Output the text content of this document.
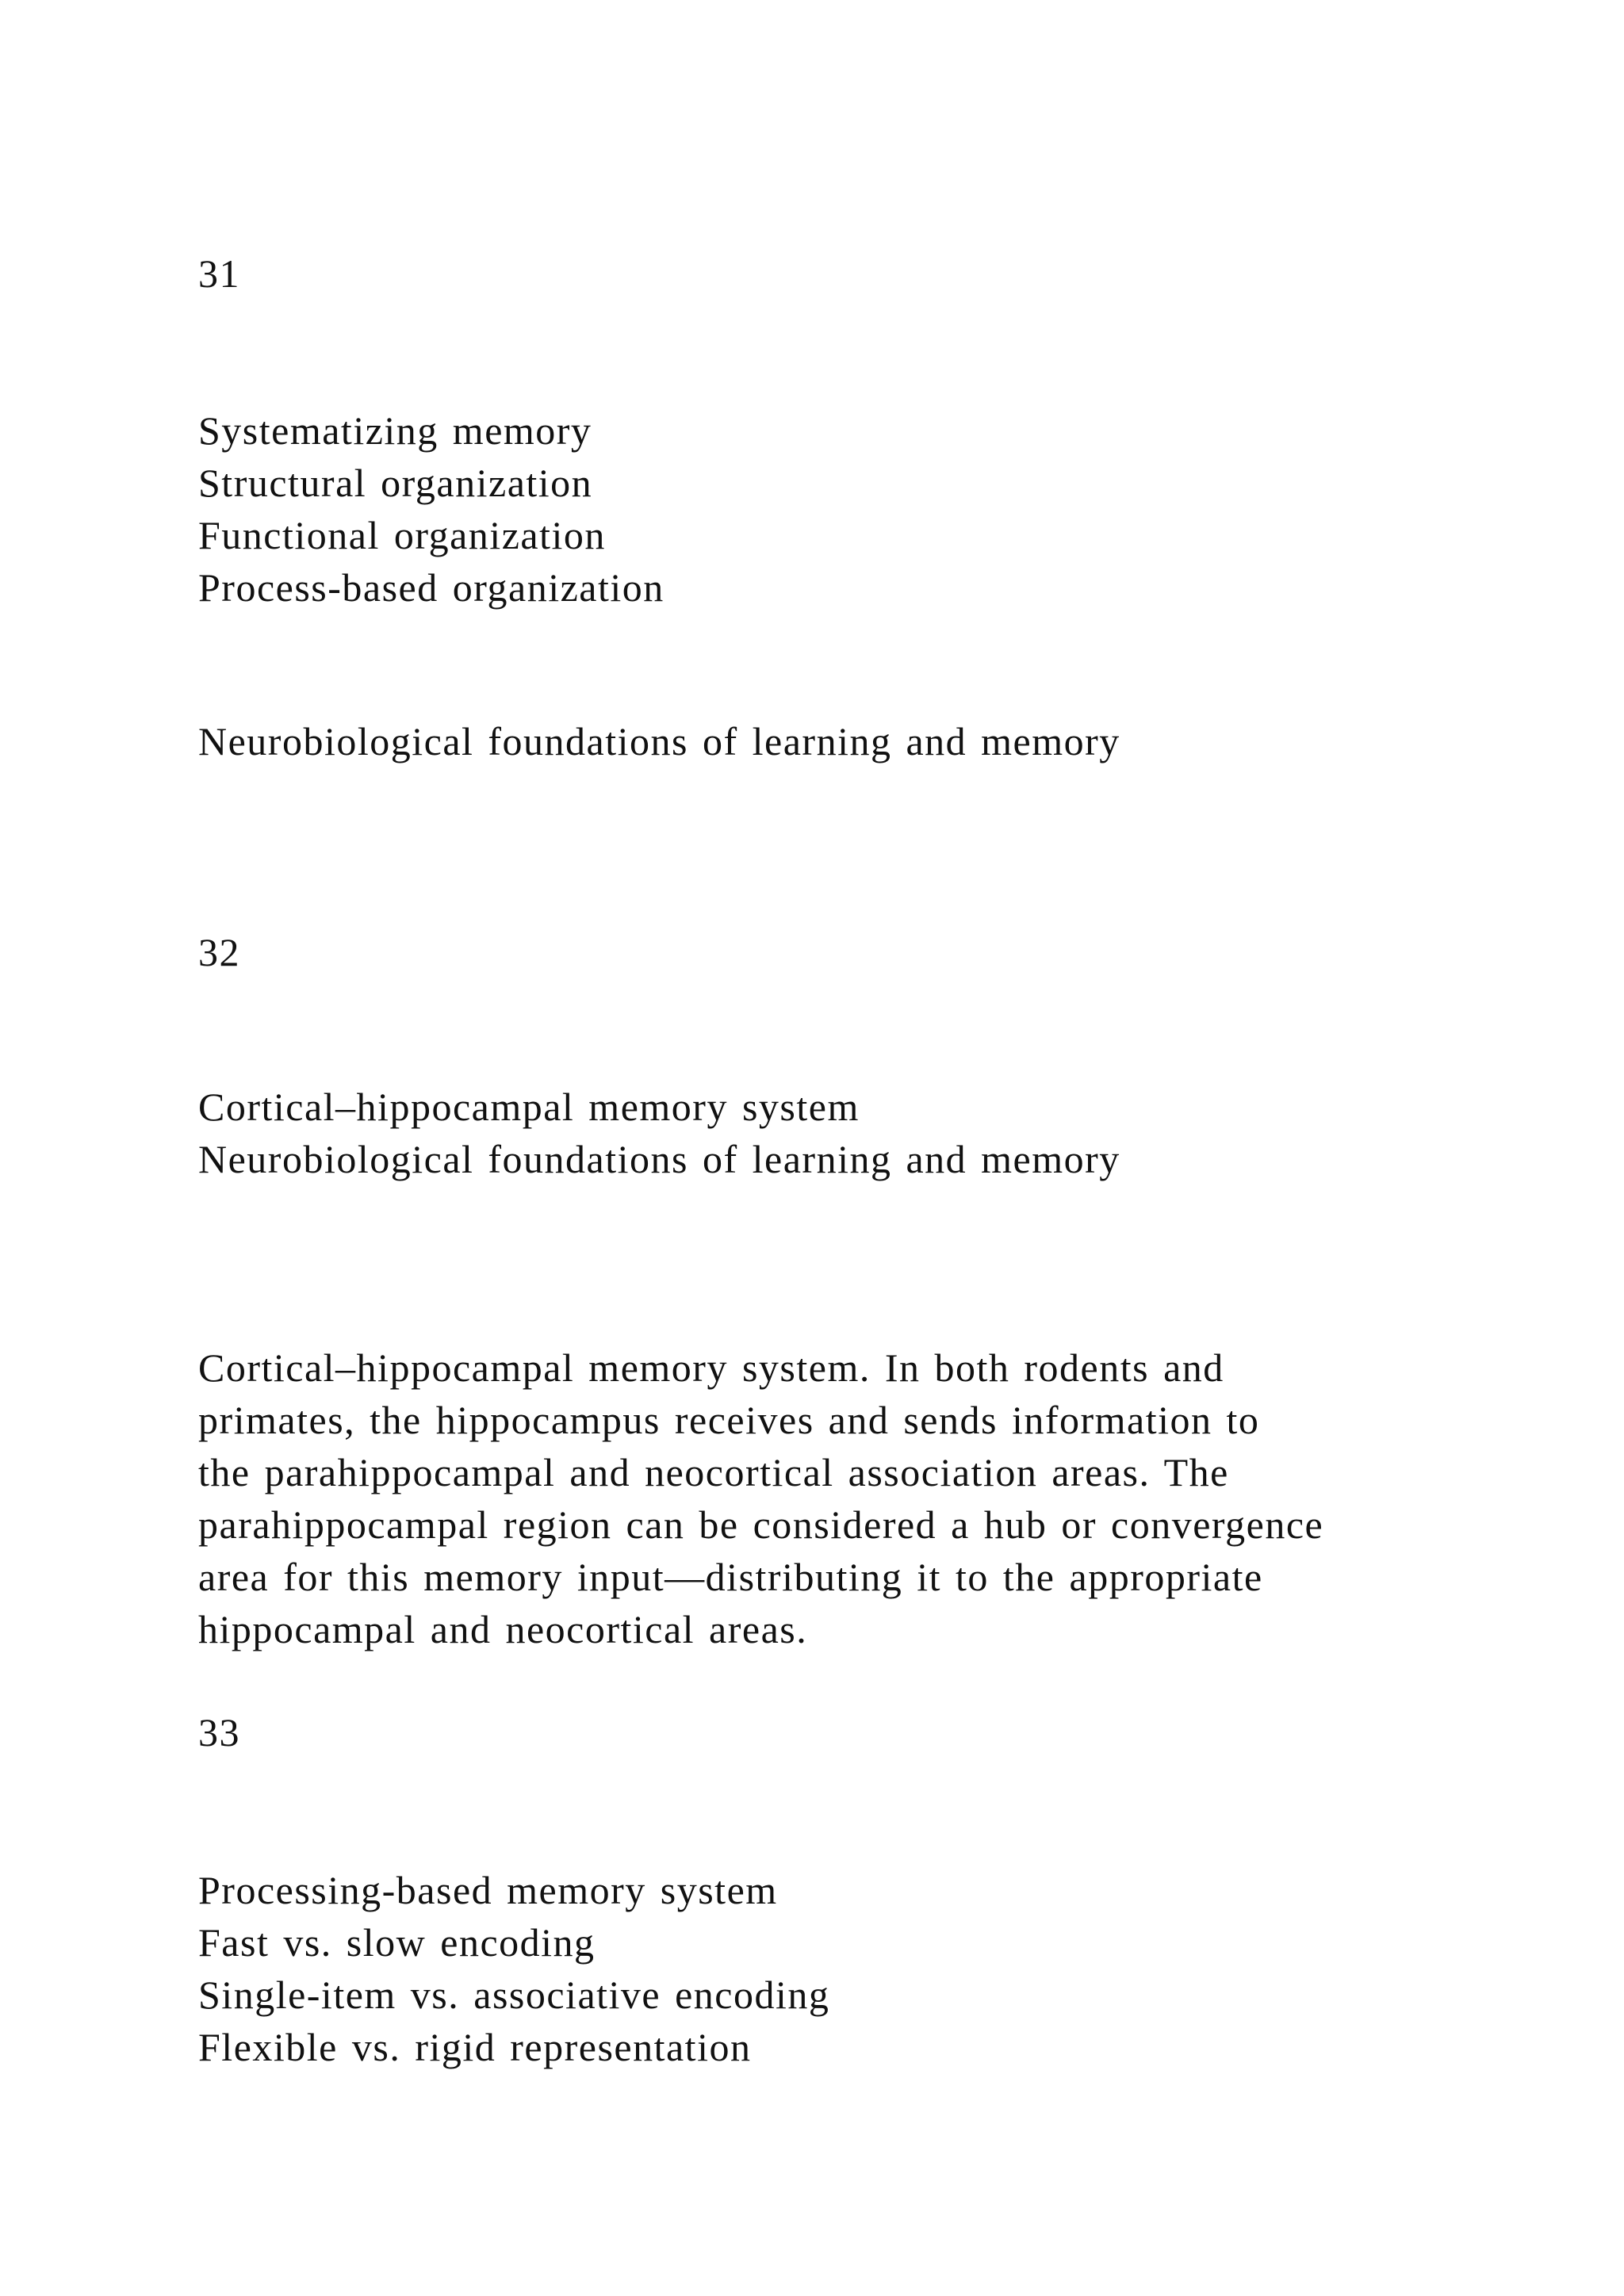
31
Systematizing memory
Structural organization
Functional organization
Process-based organization
Neurobiological foundations of learning and memory
32
Cortical–hippocampal memory system
Neurobiological foundations of learning and memory
Cortical–hippocampal memory system. In both rodents and
primates, the hippocampus receives and sends information to
the parahippocampal and neocortical association areas. The
parahippocampal region can be considered a hub or convergence
area for this memory input—distributing it to the appropriate
hippocampal and neocortical areas.
33
Processing-based memory system
Fast vs. slow encoding
Single-item vs. associative encoding
Flexible vs. rigid representation
